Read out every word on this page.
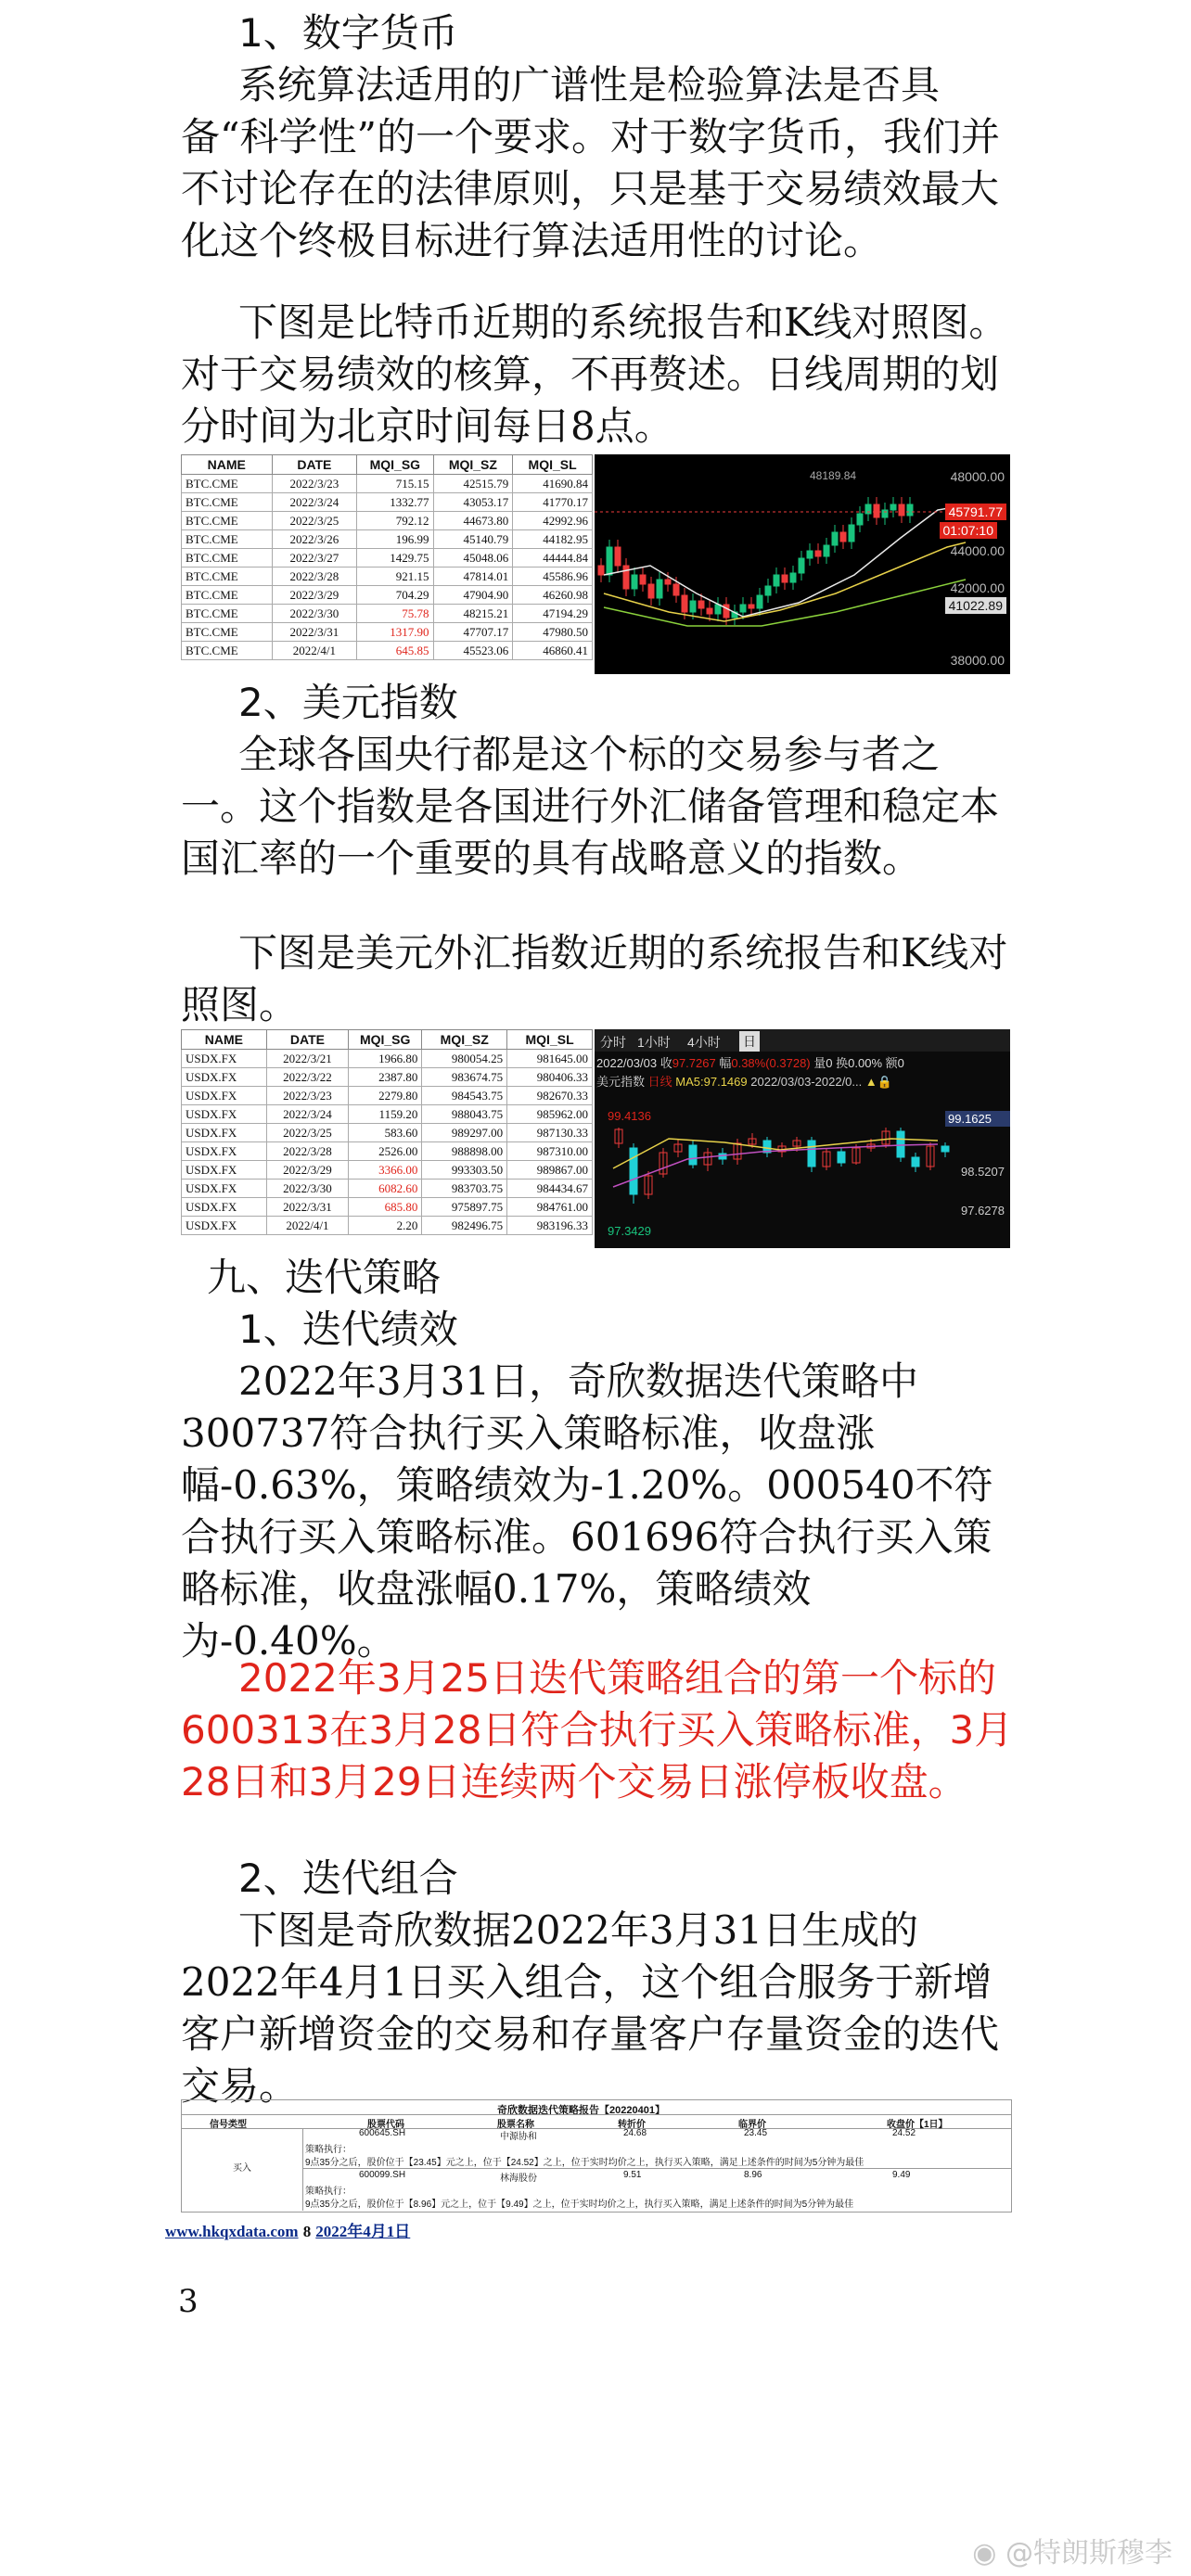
1、数字货币

系统算法适用的广谱性是检验算法是否具备“科学性”的一个要求。对于数字货币，我们并不讨论存在的法律原则，只是基于交易绩效最大化这个终极目标进行算法适用性的讨论。

下图是比特币近期的系统报告和K线对照图。对于交易绩效的核算，不再赘述。日线周期的划分时间为北京时间每日8点。

NAME	DATE	MQI_SG	MQI_SZ	MQI_SL
BTC.CME	2022/3/23	715.15	42515.79	41690.84
BTC.CME	2022/3/24	1332.77	43053.17	41770.17
BTC.CME	2022/3/25	792.12	44673.80	42992.96
BTC.CME	2022/3/26	196.99	45140.79	44182.95
BTC.CME	2022/3/27	1429.75	45048.06	44444.84
BTC.CME	2022/3/28	921.15	47814.01	45586.96
BTC.CME	2022/3/29	704.29	47904.90	46260.98
BTC.CME	2022/3/30	75.78	48215.21	47194.29
BTC.CME	2022/3/31	1317.90	47707.17	47980.50
BTC.CME	2022/4/1	645.85	45523.06	46860.41
48189.84	48000.00
45791.77
01:07:10
44000.00
42000.00
41022.89
38000.00

2、美元指数

全球各国央行都是这个标的交易参与者之一。这个指数是各国进行外汇储备管理和稳定本国汇率的一个重要的具有战略意义的指数。

下图是美元外汇指数近期的系统报告和K线对照图。

NAME	DATE	MQI_SG	MQI_SZ	MQI_SL
USDX.FX	2022/3/21	1966.80	980054.25	981645.00
USDX.FX	2022/3/22	2387.80	983674.75	980406.33
USDX.FX	2022/3/23	2279.80	984543.75	982670.33
USDX.FX	2022/3/24	1159.20	988043.75	985962.00
USDX.FX	2022/3/25	583.60	989297.00	987130.33
USDX.FX	2022/3/28	2526.00	988898.00	987310.00
USDX.FX	2022/3/29	3366.00	993303.50	989867.00
USDX.FX	2022/3/30	6082.60	983703.75	984434.67
USDX.FX	2022/3/31	685.80	975897.75	984761.00
USDX.FX	2022/4/1	2.20	982496.75	983196.33
分时 1小时 4小时 日
2022/03/03 收97.7267 幅0.38%(0.3728) 量0 换0.00% 额0
美元指数 日线 MA5:97.1469 2022/03/03-2022/0... ▲🔒
99.4136
97.3429
99.1625
98.5207
97.6278

九、迭代策略

1、迭代绩效

2022年3月31日，奇欣数据迭代策略中300737符合执行买入策略标准，收盘涨幅-0.63%，策略绩效为-1.20%。000540不符合执行买入策略标准。601696符合执行买入策略标准，收盘涨幅0.17%，策略绩效为-0.40%。

2022年3月25日迭代策略组合的第一个标的600313在3月28日符合执行买入策略标准，3月28日和3月29日连续两个交易日涨停板收盘。

2、迭代组合

下图是奇欣数据2022年3月31日生成的2022年4月1日买入组合，这个组合服务于新增客户新增资金的交易和存量客户存量资金的迭代交易。

奇欣数据迭代策略报告【20220401】
信号类型	股票代码	股票名称	转折价	临界价	收盘价【1日】
买入
600645.SH	中源协和	24.68	23.45	24.52
策略执行：
9点35分之后，股价位于【23.45】元之上，位于【24.52】之上，位于实时均价之上，执行买入策略，满足上述条件的时间为5分钟为最佳
600099.SH	林海股份	9.51	8.96	9.49
策略执行：
9点35分之后，股价位于【8.96】元之上，位于【9.49】之上，位于实时均价之上，执行买入策略，满足上述条件的时间为5分钟为最佳
www.hkqxdata.com 8 2022年4月1日
3
◉ @特朗斯穆李
